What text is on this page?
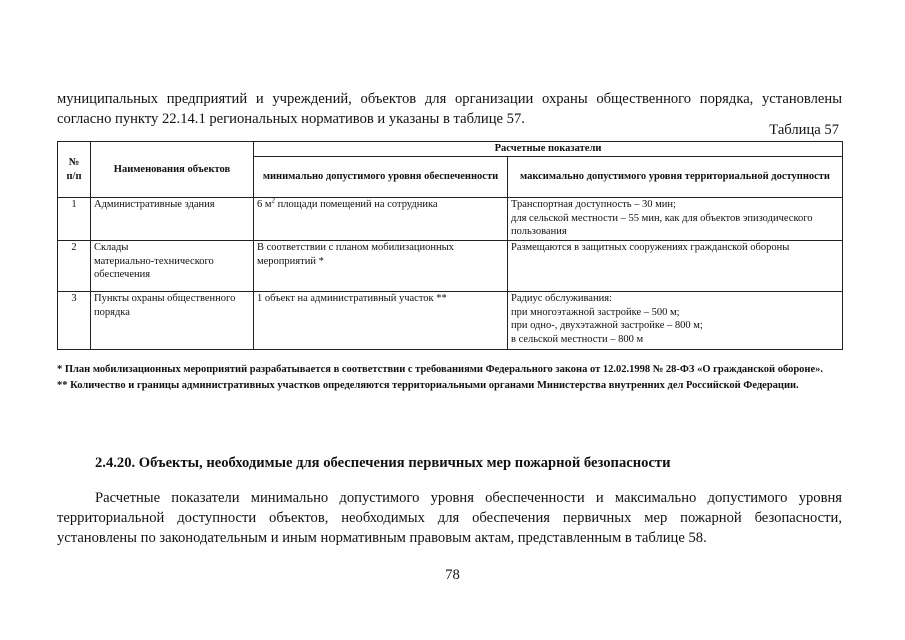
муниципальных предприятий и учреждений, объектов для организации охраны общественного порядка, установлены согласно пункту 22.14.1 региональных нормативов и указаны в таблице 57.

Таблица 57
№
п/п	Наименования объектов	Расчетные показатели	
		минимально допустимого уровня обеспеченности	максимально допустимого уровня территориальной доступности
1	Административные здания	6 $м^2$ площади помещений на сотрудника	Транспортная доступность – 30 мин;
для сельской местности – 55 мин, как для объектов эпизодического пользования
2	Склады
материально-технического обеспечения	В соответствии с планом мобилизационных мероприятий *	Размещаются в защитных сооружениях гражданской обороны
3	Пункты охраны общественного порядка	1 объект на административный участок **	Радиус обслуживания:
при многоэтажной застройке – 500 м;
при одно-, двухэтажной застройке – 800 м;
в сельской местности – 800 м

* План мобилизационных мероприятий разрабатывается в соответствии с требованиями Федерального закона от 12.02.1998 № 28-ФЗ «О гражданской обороне».

** Количество и границы административных участков определяются территориальными органами Министерства внутренних дел Российской Федерации.

2.4.20. Объекты, необходимые для обеспечения первичных мер пожарной безопасности

Расчетные показатели минимально допустимого уровня обеспеченности и максимально допустимого уровня территориальной доступности объектов, необходимых для обеспечения первичных мер пожарной безопасности, установлены по законодательным и иным нормативным правовым актам, представленным в таблице 58.

78
